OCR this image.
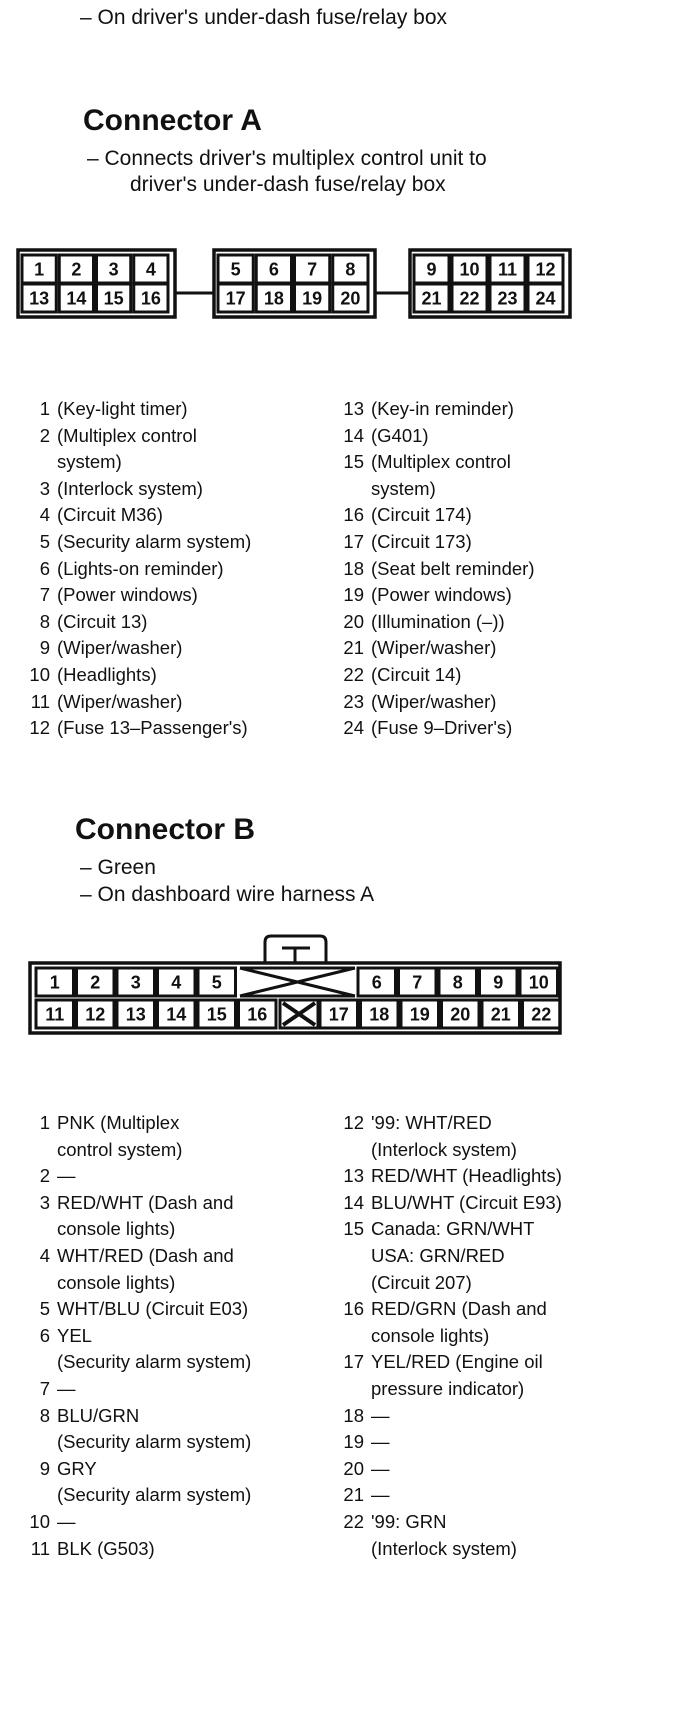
– On driver's under-dash fuse/relay box
Connector A
– Connects driver's multiplex control unit to
driver's under-dash fuse/relay box
1 2 3 4
13 14 15 16
5 6 7 8
17 18 19 20
9 10 11 12
21 22 23 24
1 (Key-light timer)
2 (Multiplex control
system)
3 (Interlock system)
4 (Circuit M36)
5 (Security alarm system)
6 (Lights-on reminder)
7 (Power windows)
8 (Circuit 13)
9 (Wiper/washer)
10 (Headlights)
11 (Wiper/washer)
12 (Fuse 13–Passenger's)
13 (Key-in reminder)
14 (G401)
15 (Multiplex control
system)
16 (Circuit 174)
17 (Circuit 173)
18 (Seat belt reminder)
19 (Power windows)
20 (Illumination (–))
21 (Wiper/washer)
22 (Circuit 14)
23 (Wiper/washer)
24 (Fuse 9–Driver's)
Connector B
– Green
– On dashboard wire harness A
1 2 3 4 5	6 7 8 9 10
11 12 13 14 15 16	17 18 19 20 21 22
1 PNK (Multiplex
control system)
2 —
3 RED/WHT (Dash and
console lights)
4 WHT/RED (Dash and
console lights)
5 WHT/BLU (Circuit E03)
6 YEL
(Security alarm system)
7 —
8 BLU/GRN
(Security alarm system)
9 GRY
(Security alarm system)
10 —
11 BLK (G503)
12 '99: WHT/RED
(Interlock system)
13 RED/WHT (Headlights)
14 BLU/WHT (Circuit E93)
15 Canada: GRN/WHT
USA: GRN/RED
(Circuit 207)
16 RED/GRN (Dash and
console lights)
17 YEL/RED (Engine oil
pressure indicator)
18 —
19 —
20 —
21 —
22 '99: GRN
(Interlock system)
